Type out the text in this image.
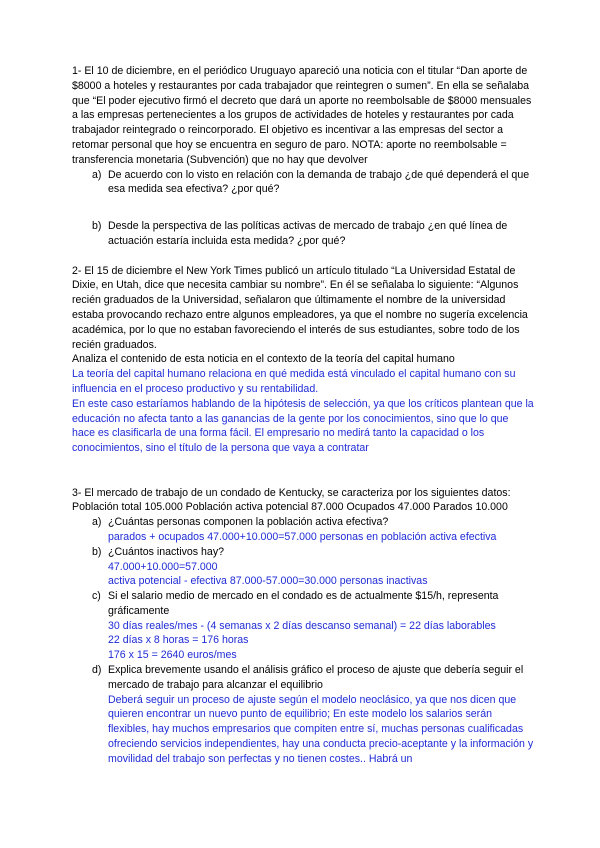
1- El 10 de diciembre, en el periódico Uruguayo apareció una noticia con el titular “Dan aporte de $8000 a hoteles y restaurantes por cada trabajador que reintegren o sumen”. En ella se señalaba que “El poder ejecutivo firmó el decreto que dará un aporte no reembolsable de $8000 mensuales a las empresas pertenecientes a los grupos de actividades de hoteles y restaurantes por cada trabajador reintegrado o reincorporado. El objetivo es incentivar a las empresas del sector a retomar personal que hoy se encuentra en seguro de paro. NOTA: aporte no reembolsable = transferencia monetaria (Subvención) que no hay que devolver

a) De acuerdo con lo visto en relación con la demanda de trabajo ¿de qué dependerá el que esa medida sea efectiva? ¿por qué?

b) Desde la perspectiva de las políticas activas de mercado de trabajo ¿en qué línea de actuación estaría incluida esta medida? ¿por qué?

2- El 15 de diciembre el New York Times publicó un artículo titulado “La Universidad Estatal de Dixie, en Utah, dice que necesita cambiar su nombre”. En él se señalaba lo siguiente: “Algunos recién graduados de la Universidad, señalaron que últimamente el nombre de la universidad estaba provocando rechazo entre algunos empleadores, ya que el nombre no sugería excelencia académica, por lo que no estaban favoreciendo el interés de sus estudiantes, sobre todo de los recién graduados.

Analiza el contenido de esta noticia en el contexto de la teoría del capital humano

La teoría del capital humano relaciona en qué medida está vinculado el capital humano con su influencia en el proceso productivo y su rentabilidad.

En este caso estaríamos hablando de la hipótesis de selección, ya que los críticos plantean que la educación no afecta tanto a las ganancias de la gente por los conocimientos, sino que lo que hace es clasificarla de una forma fácil. El empresario no medirá tanto la capacidad o los conocimientos, sino el título de la persona que vaya a contratar

3- El mercado de trabajo de un condado de Kentucky, se caracteriza por los siguientes datos: Población total 105.000 Población activa potencial 87.000 Ocupados 47.000 Parados 10.000

a) ¿Cuántas personas componen la población activa efectiva?

parados + ocupados 47.000+10.000=57.000 personas en población activa efectiva

b) ¿Cuántos inactivos hay?

47.000+10.000=57.000

activa potencial - efectiva 87.000-57.000=30.000 personas inactivas

c) Si el salario medio de mercado en el condado es de actualmente $15/h, representa gráficamente

30 días reales/mes - (4 semanas x 2 días descanso semanal) = 22 días laborables

22 días x 8 horas = 176 horas

176 x 15 = 2640 euros/mes

d) Explica brevemente usando el análisis gráfico el proceso de ajuste que debería seguir el mercado de trabajo para alcanzar el equilibrio

Deberá seguir un proceso de ajuste según el modelo neoclásico, ya que nos dicen que quieren encontrar un nuevo punto de equilibrio; En este modelo los salarios serán flexibles, hay muchos empresarios que compiten entre sí, muchas personas cualificadas ofreciendo servicios independientes, hay una conducta precio-aceptante y la información y movilidad del trabajo son perfectas y no tienen costes.. Habrá un
